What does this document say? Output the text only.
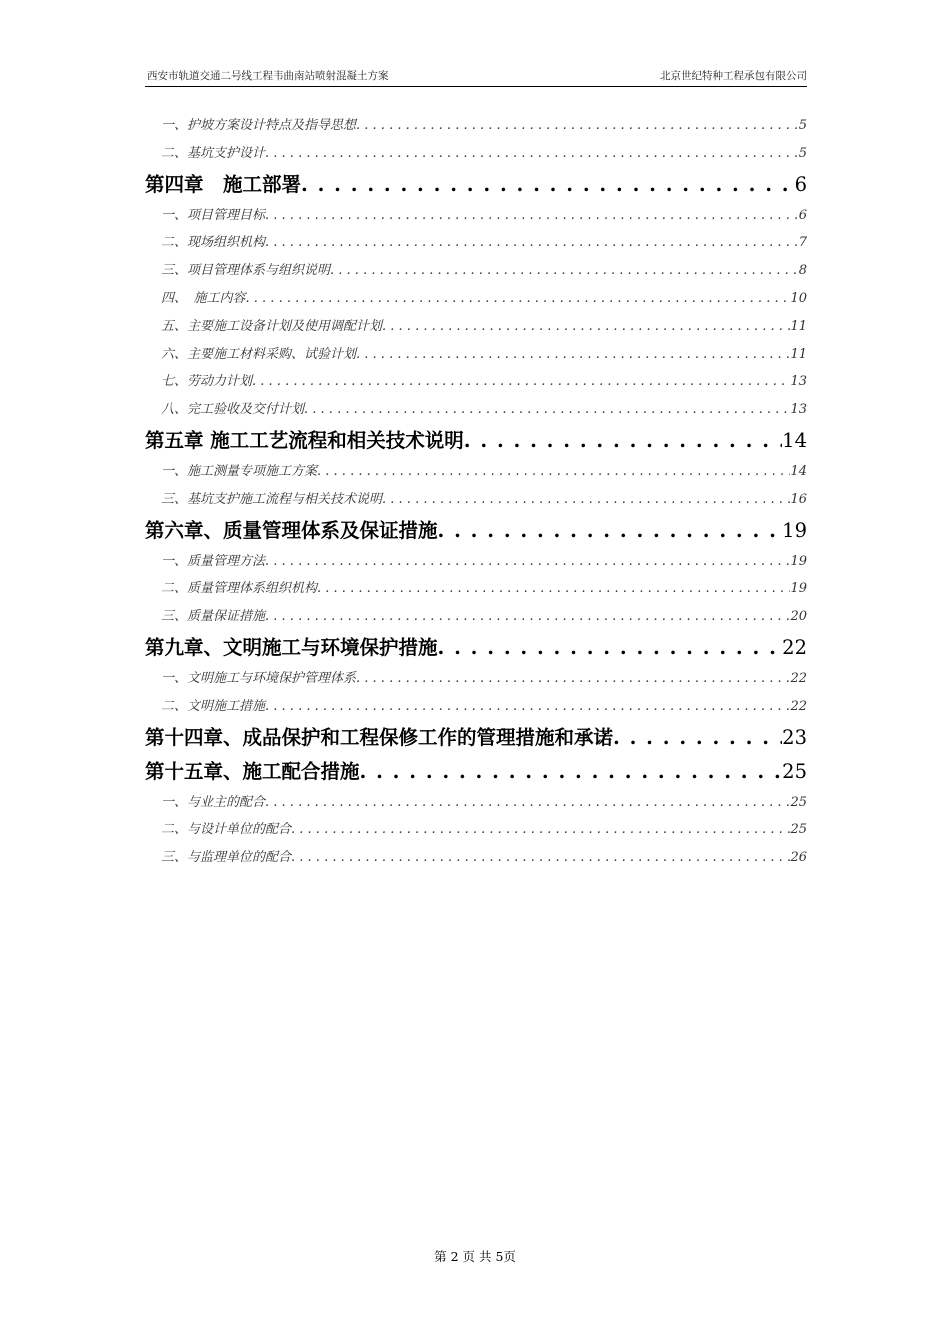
西安市轨道交通二号线工程韦曲南站喷射混凝土方案	北京世纪特种工程承包有限公司
一、护坡方案设计特点及指导思想 . . .	5
二、基坑支护设计 . . .	5
第四章　施工部署 . . .	6
一、项目管理目标 . . .	6
二、现场组织机构 . . .	7
三、项目管理体系与组织说明 . . .	8
四、　施工内容 . . .	10
五、主要施工设备计划及使用调配计划 . . .	11
六、主要施工材料采购、试验计划 . . .	11
七、劳动力计划 . . .	13
八、完工验收及交付计划 . . .	13
第五章 施工工艺流程和相关技术说明 . . .	14
一、施工测量专项施工方案 . . .	14
三、基坑支护施工流程与相关技术说明 . . .	16
第六章、质量管理体系及保证措施 . . .	19
一、质量管理方法 . . .	19
二、质量管理体系组织机构 . . .	19
三、质量保证措施 . . .	20
第九章、文明施工与环境保护措施 . . .	22
一、文明施工与环境保护管理体系 . . .	22
二、文明施工措施 . . .	22
第十四章、成品保护和工程保修工作的管理措施和承诺 . . .	23
第十五章、施工配合措施 . . .	25
一、与业主的配合 . . .	25
二、与设计单位的配合 . . .	25
三、与监理单位的配合 . . .	26
第 2 页 共 5页
